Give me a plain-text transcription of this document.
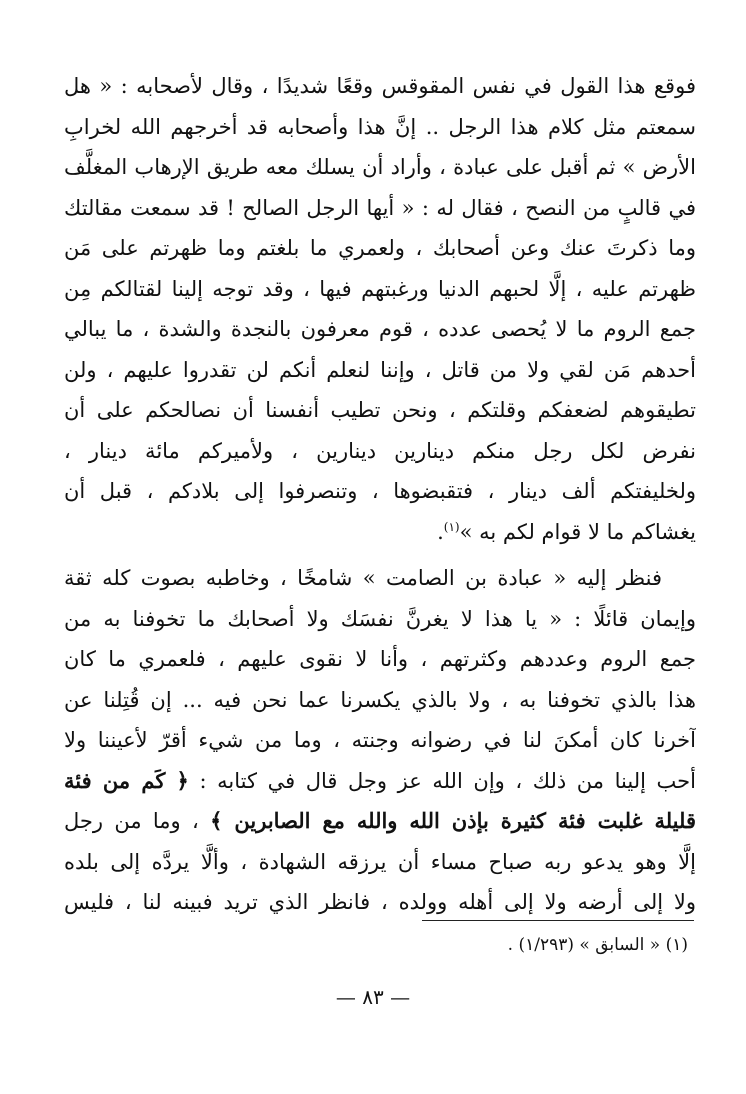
فوقع هذا القول في نفس المقوقس وقعًا شديدًا ، وقال لأصحابه : « هل
سمعتم مثل كلام هذا الرجل .. إنَّ هذا وأصحابه قد أخرجهم الله لخرابِ
الأرض » ثم أقبل على عبادة ، وأراد أن يسلك معه طريق الإرهاب المغلَّف
في قالبٍ من النصح ، فقال له : « أيها الرجل الصالح ! قد سمعت مقالتك
وما ذكرتَ عنك وعن أصحابك ، ولعمري ما بلغتم وما ظهرتم على مَن
ظهرتم عليه ، إلَّا لحبهم الدنيا ورغبتهم فيها ، وقد توجه إلينا لقتالكم مِن
جمع الروم ما لا يُحصى عدده ، قوم معرفون بالنجدة والشدة ، ما يبالي
أحدهم مَن لقي ولا من قاتل ، وإننا لنعلم أنكم لن تقدروا عليهم ، ولن
تطيقوهم لضعفكم وقلتكم ، ونحن تطيب أنفسنا أن نصالحكم على أن
نفرض لكل رجل منكم دينارين دينارين ، ولأميركم مائة دينار ،
ولخليفتكم ألف دينار ، فتقبضوها ، وتنصرفوا إلى بلادكم ، قبل أن
يغشاكم ما لا قوام لكم به »$^{(١)}$.
فنظر إليه « عبادة بن الصامت » شامخًا ، وخاطبه بصوت كله ثقة
وإيمان قائلًا : « يا هذا لا يغرنَّ نفسَك ولا أصحابك ما تخوفنا به من
جمع الروم وعددهم وكثرتهم ، وأنا لا نقوى عليهم ، فلعمري ما كان
هذا بالذي تخوفنا به ، ولا بالذي يكسرنا عما نحن فيه ... إن قُتِلنا عن
آخرنا كان أمكنَ لنا في رضوانه وجنته ، وما من شيء أقرّ لأعيننا ولا
أحب إلينا من ذلك ، وإن الله عز وجل قال في كتابه : ﴿ كَم من فئة
قليلة غلبت فئة كثيرة بإذن الله والله مع الصابرين ﴾ ، وما من رجل
إلَّا وهو يدعو ربه صباح مساء أن يرزقه الشهادة ، وألَّا يردَّه إلى بلده
ولا إلى أرضه ولا إلى أهله وولده ، فانظر الذي تريد فبينه لنا ، فليس
(١) « السابق » (١/٢٩٣) .
— ٨٣ —
